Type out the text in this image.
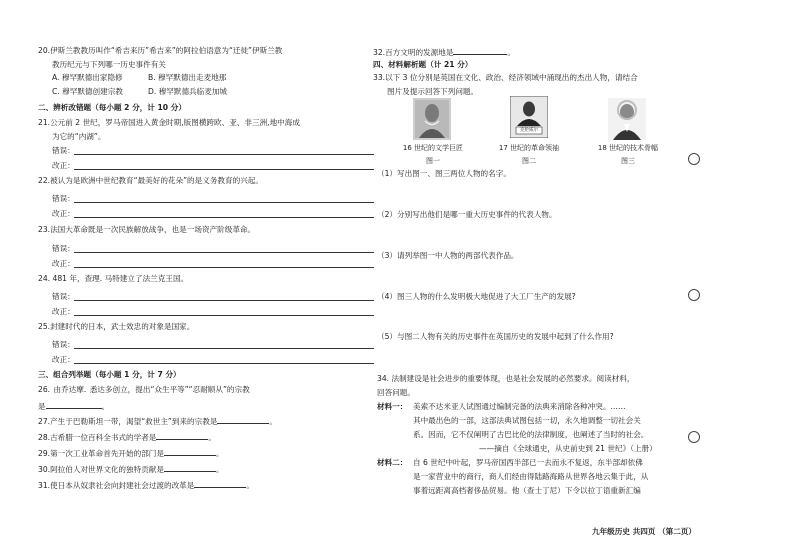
20.伊斯兰教教历叫作“希吉来历”希吉来”的阿拉伯语意为“迁徙”伊斯兰教
教历纪元与下列哪一历史事件有关
A. 穆罕默德出家隐修	B. 穆罕默德出走麦地那
C. 穆罕默德创建宗教	D. 穆罕默德兵临麦加城
二、辨析改错题（每小题 2 分，计 10 分）
21.公元前 2 世纪，罗马帝国进入黄金时期,版图横跨欧、亚、非三洲,地中海成
为它的“内湖”。
错误：
改正：
22.被认为是欧洲中世纪教育“最美好的花朵”的是义务教育的兴起。
错误：
改正：
23.法国大革命既是一次民族解放战争，也是一场资产阶级革命。
错误：
改正：
24. 481 年，查理. 马特建立了法兰克王国。
错误：
改正：
25.封建时代的日本，武士效忠的对象是国家。
错误：
改正：
三、组合列举题（每小题 1 分，计 7 分）
26. 由乔达摩. 悉达多创立，提出“众生平等”“忍耐顺从”的宗教
是	。
27.产生于巴勒斯坦一带，渴望“救世主”到来的宗教是	。
28.古希腊一位百科全书式的学者是	。
29.第一次工业革命首先开始的部门是	。
30.阿拉伯人对世界文化的独特贡献是	。
31.使日本从奴隶社会向封建社会过渡的改革是	。
32.百方文明的发源地是	。
四、材料解析题（计 21 分）
33.以下 3 位分别是英国在文化、政治、经济领域中涌现出的杰出人物，请结合
图片及提示回答下列问题。
16 世纪的文学巨匠
图一
克伦威尔
17 世纪的革命领袖
图二
18 世纪的技术骨幅
图三
（1）写出图一、图三两位人物的名字。
（2）分别写出他们是哪一重大历史事件的代表人物。
（3）请列举图一中人物的两部代表作品。
（4）图三人物的什么发明极大地促进了大工厂生产的发展?
（5）与图二人物有关的历史事件在英国历史的发展中起到了什么作用?
34. 法制建设是社会进步的重要体现，也是社会发展的必然要求。阅读材料，
回答问题。
材料一： 美索不达米亚人试图通过编制完备的法典来消除各种冲突。……
其中最出色的一部，这部法典试图包括一切，永久地调整一切社会关
系。因而，它不仅阐明了古巴比伦的法律制度，也阐述了当时的社会。
——摘自《全球通史，从史前史到 21 世纪》（上册）
材料二： 自 6 世纪中叶起，罗马帝国西半部已一去而永不复返，东半部却依佛
是一家营业中的商行，商人们经由得陆路海路从世界各地云集于此，从
事着远距离高档奢侈品贸易。他（查士丁尼）下令以拉丁语重新汇编
九年级历史 共四页 （第二页）
